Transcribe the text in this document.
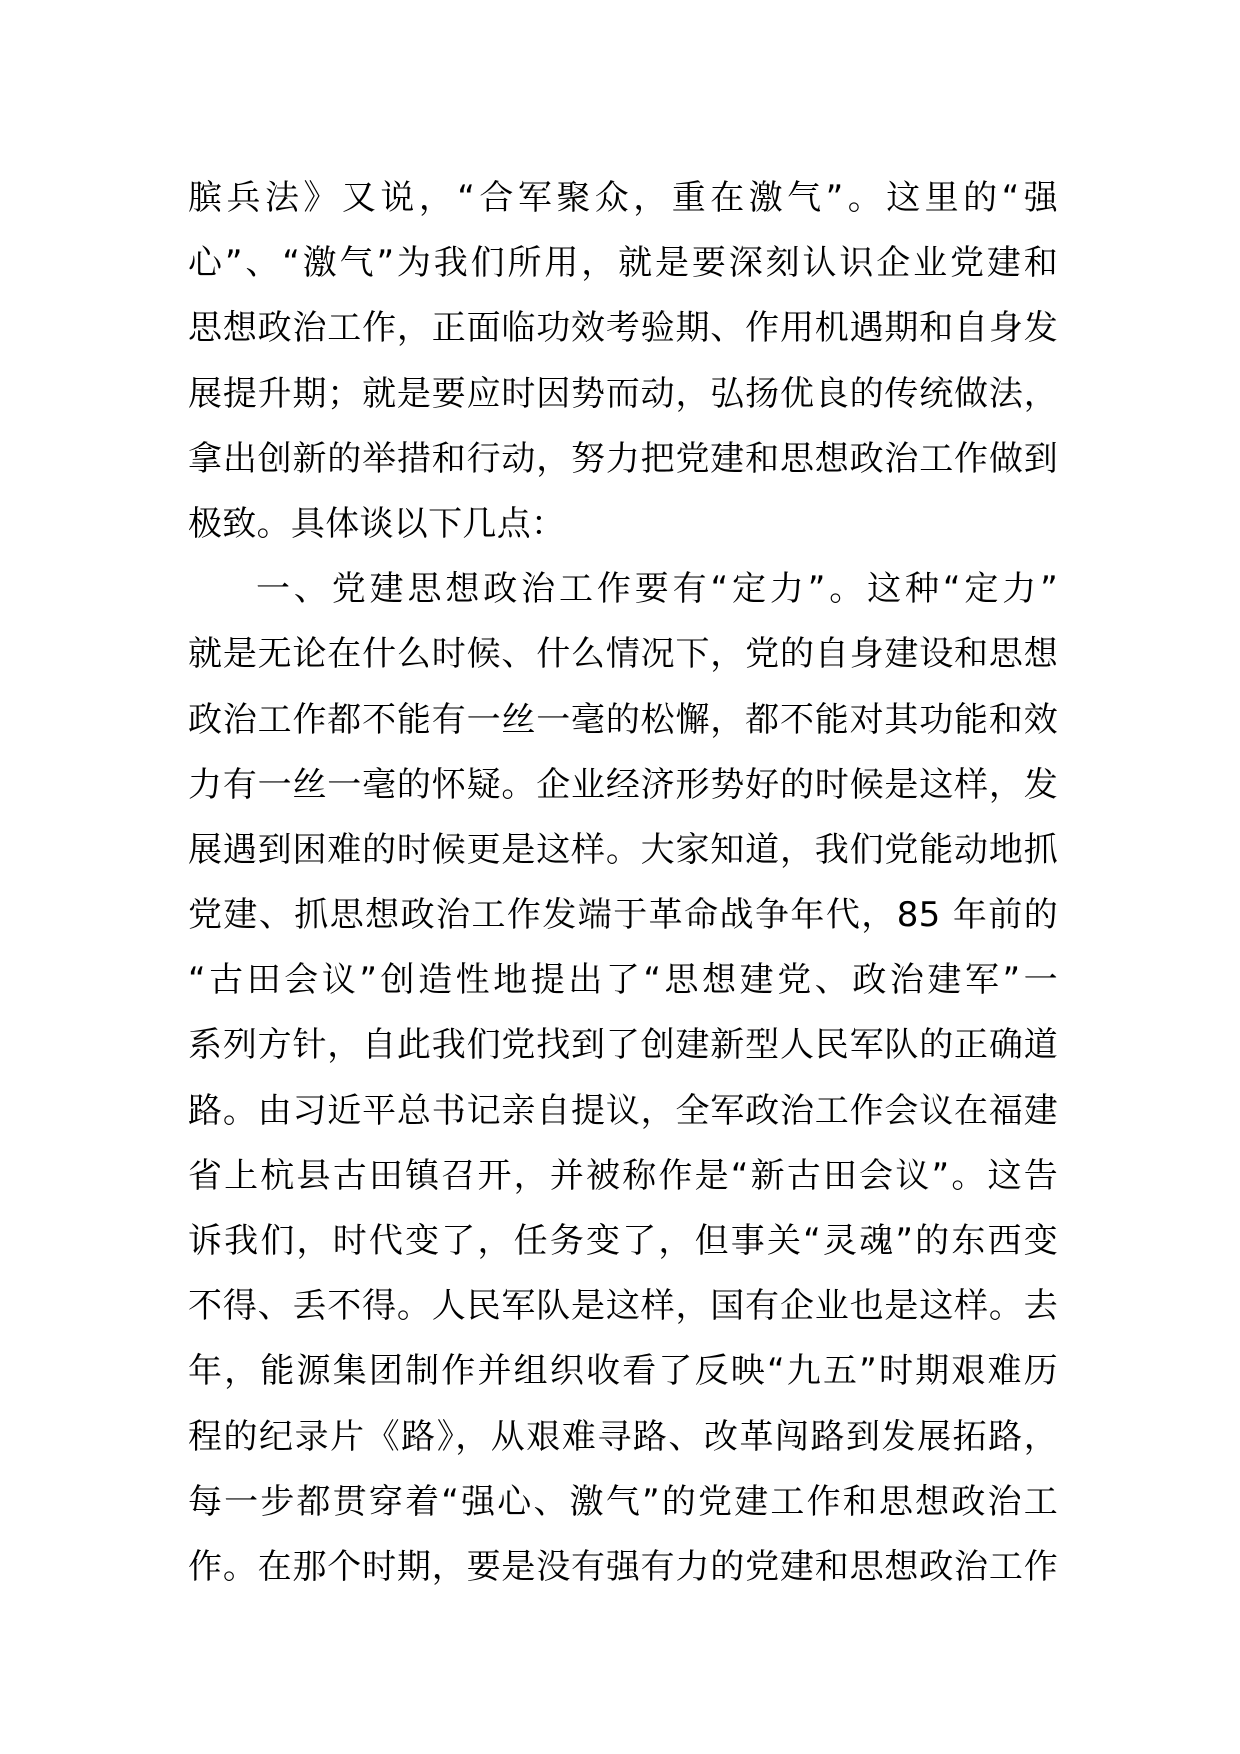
膑兵法》又说，“合军聚众，重在激气”。这里的“强
心”、“激气”为我们所用，就是要深刻认识企业党建和
思想政治工作，正面临功效考验期、作用机遇期和自身发
展提升期；就是要应时因势而动，弘扬优良的传统做法，
拿出创新的举措和行动，努力把党建和思想政治工作做到
极致。具体谈以下几点：
一、党建思想政治工作要有“定力”。这种“定力”
就是无论在什么时候、什么情况下，党的自身建设和思想
政治工作都不能有一丝一毫的松懈，都不能对其功能和效
力有一丝一毫的怀疑。企业经济形势好的时候是这样，发
展遇到困难的时候更是这样。大家知道，我们党能动地抓
党建、抓思想政治工作发端于革命战争年代，85 年前的
“古田会议”创造性地提出了“思想建党、政治建军”一
系列方针，自此我们党找到了创建新型人民军队的正确道
路。由习近平总书记亲自提议，全军政治工作会议在福建
省上杭县古田镇召开，并被称作是“新古田会议”。这告
诉我们，时代变了，任务变了，但事关“灵魂”的东西变
不得、丢不得。人民军队是这样，国有企业也是这样。去
年，能源集团制作并组织收看了反映“九五”时期艰难历
程的纪录片《路》，从艰难寻路、改革闯路到发展拓路，
每一步都贯穿着“强心、激气”的党建工作和思想政治工
作。在那个时期，要是没有强有力的党建和思想政治工作
